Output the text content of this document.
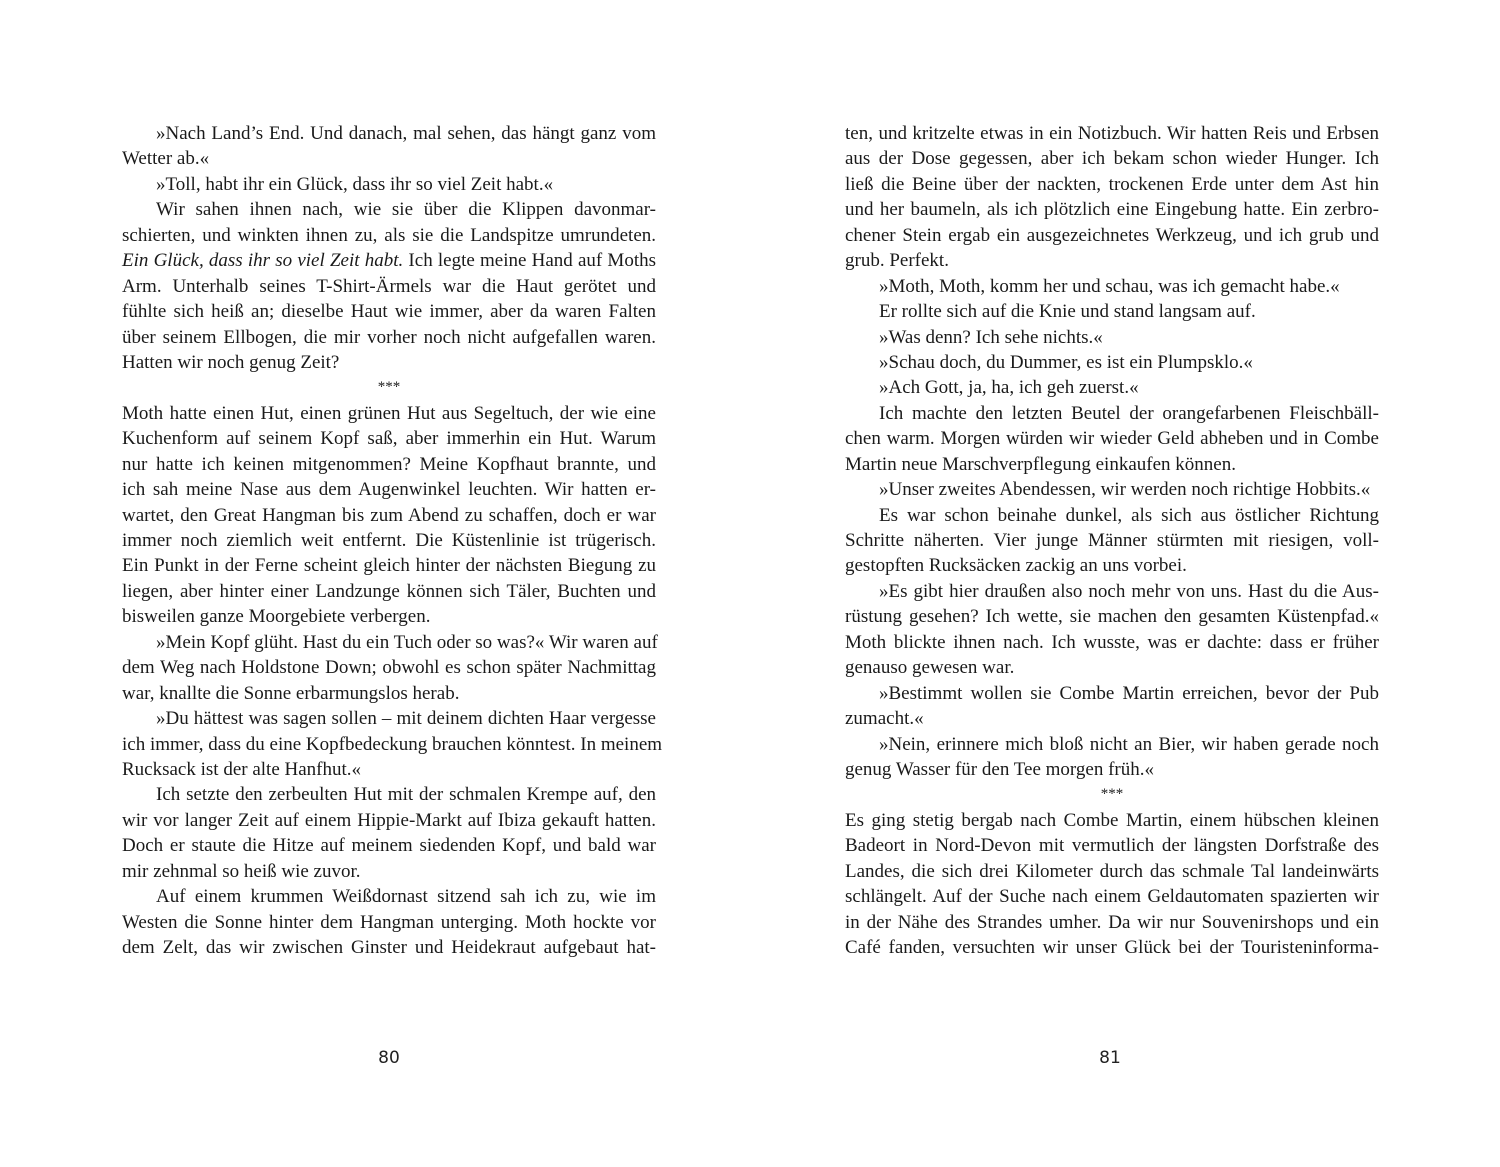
»Nach Land’s End. Und danach, mal sehen, das hängt ganz vom
Wetter ab.«
»Toll, habt ihr ein Glück, dass ihr so viel Zeit habt.«
Wir sahen ihnen nach, wie sie über die Klippen davonmar-
schierten, und winkten ihnen zu, als sie die Landspitze umrundeten.
Ein Glück, dass ihr so viel Zeit habt. Ich legte meine Hand auf Moths
Arm. Unterhalb seines T-Shirt-Ärmels war die Haut gerötet und
fühlte sich heiß an; dieselbe Haut wie immer, aber da waren Falten
über seinem Ellbogen, die mir vorher noch nicht aufgefallen waren.
Hatten wir noch genug Zeit?
***
Moth hatte einen Hut, einen grünen Hut aus Segeltuch, der wie eine
Kuchenform auf seinem Kopf saß, aber immerhin ein Hut. Warum
nur hatte ich keinen mitgenommen? Meine Kopfhaut brannte, und
ich sah meine Nase aus dem Augenwinkel leuchten. Wir hatten er-
wartet, den Great Hangman bis zum Abend zu schaffen, doch er war
immer noch ziemlich weit entfernt. Die Küstenlinie ist trügerisch.
Ein Punkt in der Ferne scheint gleich hinter der nächsten Biegung zu
liegen, aber hinter einer Landzunge können sich Täler, Buchten und
bisweilen ganze Moorgebiete verbergen.
»Mein Kopf glüht. Hast du ein Tuch oder so was?« Wir waren auf
dem Weg nach Holdstone Down; obwohl es schon später Nachmittag
war, knallte die Sonne erbarmungslos herab.
»Du hättest was sagen sollen – mit deinem dichten Haar vergesse
ich immer, dass du eine Kopfbedeckung brauchen könntest. In meinem
Rucksack ist der alte Hanfhut.«
Ich setzte den zerbeulten Hut mit der schmalen Krempe auf, den
wir vor langer Zeit auf einem Hippie-Markt auf Ibiza gekauft hatten.
Doch er staute die Hitze auf meinem siedenden Kopf, und bald war
mir zehnmal so heiß wie zuvor.
Auf einem krummen Weißdornast sitzend sah ich zu, wie im
Westen die Sonne hinter dem Hangman unterging. Moth hockte vor
dem Zelt, das wir zwischen Ginster und Heidekraut aufgebaut hat-
80
ten, und kritzelte etwas in ein Notizbuch. Wir hatten Reis und Erbsen
aus der Dose gegessen, aber ich bekam schon wieder Hunger. Ich
ließ die Beine über der nackten, trockenen Erde unter dem Ast hin
und her baumeln, als ich plötzlich eine Eingebung hatte. Ein zerbro-
chener Stein ergab ein ausgezeichnetes Werkzeug, und ich grub und
grub. Perfekt.
»Moth, Moth, komm her und schau, was ich gemacht habe.«
Er rollte sich auf die Knie und stand langsam auf.
»Was denn? Ich sehe nichts.«
»Schau doch, du Dummer, es ist ein Plumpsklo.«
»Ach Gott, ja, ha, ich geh zuerst.«
Ich machte den letzten Beutel der orangefarbenen Fleischbäll-
chen warm. Morgen würden wir wieder Geld abheben und in Combe
Martin neue Marschverpflegung einkaufen können.
»Unser zweites Abendessen, wir werden noch richtige Hobbits.«
Es war schon beinahe dunkel, als sich aus östlicher Richtung
Schritte näherten. Vier junge Männer stürmten mit riesigen, voll-
gestopften Rucksäcken zackig an uns vorbei.
»Es gibt hier draußen also noch mehr von uns. Hast du die Aus-
rüstung gesehen? Ich wette, sie machen den gesamten Küstenpfad.«
Moth blickte ihnen nach. Ich wusste, was er dachte: dass er früher
genauso gewesen war.
»Bestimmt wollen sie Combe Martin erreichen, bevor der Pub
zumacht.«
»Nein, erinnere mich bloß nicht an Bier, wir haben gerade noch
genug Wasser für den Tee morgen früh.«
***
Es ging stetig bergab nach Combe Martin, einem hübschen kleinen
Badeort in Nord-Devon mit vermutlich der längsten Dorfstraße des
Landes, die sich drei Kilometer durch das schmale Tal landeinwärts
schlängelt. Auf der Suche nach einem Geldautomaten spazierten wir
in der Nähe des Strandes umher. Da wir nur Souvenirshops und ein
Café fanden, versuchten wir unser Glück bei der Touristeninforma-
81
